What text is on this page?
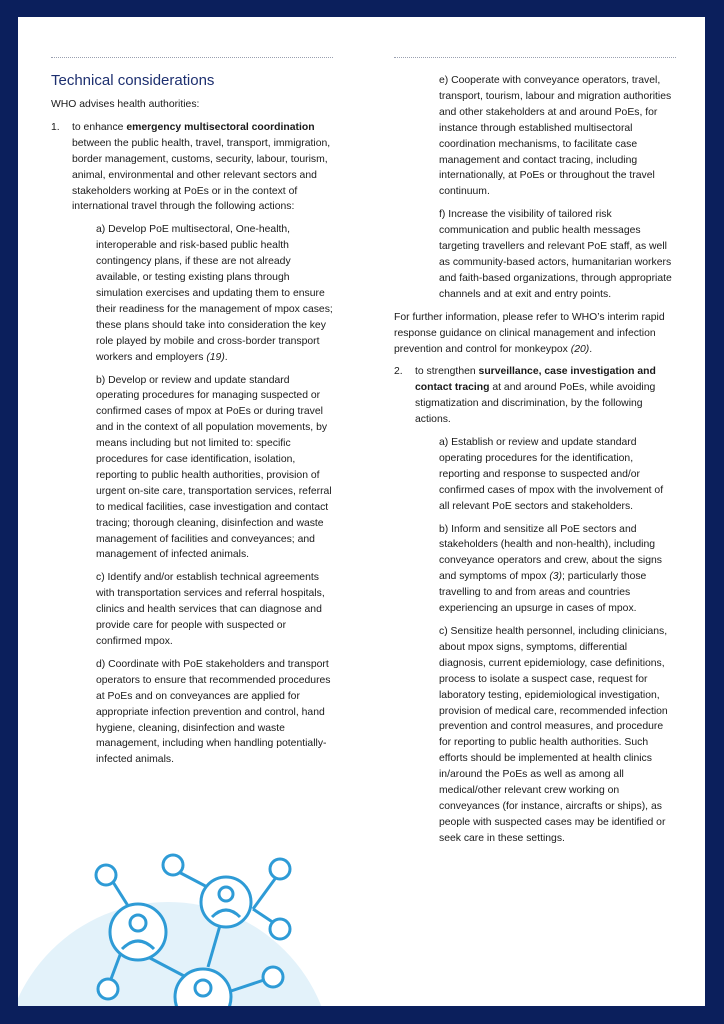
Technical considerations

WHO advises health authorities:

1. to enhance emergency multisectoral coordination between the public health, travel, transport, immigration, border management, customs, security, labour, tourism, animal, environmental and other relevant sectors and stakeholders working at PoEs or in the context of international travel through the following actions:
a) Develop PoE multisectoral, One-health, interoperable and risk-based public health contingency plans, if these are not already available, or testing existing plans through simulation exercises and updating them to ensure their readiness for the management of mpox cases; these plans should take into consideration the key role played by mobile and cross-border transport workers and employers (19).
b) Develop or review and update standard operating procedures for managing suspected or confirmed cases of mpox at PoEs or during travel and in the context of all population movements, by means including but not limited to: specific procedures for case identification, isolation, reporting to public health authorities, provision of urgent on-site care, transportation services, referral to medical facilities, case investigation and contact tracing; thorough cleaning, disinfection and waste management of facilities and conveyances; and management of infected animals.
c) Identify and/or establish technical agreements with transportation services and referral hospitals, clinics and health services that can diagnose and provide care for people with suspected or confirmed mpox.
d) Coordinate with PoE stakeholders and transport operators to ensure that recommended procedures at PoEs and on conveyances are applied for appropriate infection prevention and control, hand hygiene, cleaning, disinfection and waste management, including when handling potentially-infected animals.
e) Cooperate with conveyance operators, travel, transport, tourism, labour and migration authorities and other stakeholders at and around PoEs, for instance through established multisectoral coordination mechanisms, to facilitate case management and contact tracing, including internationally, at PoEs or throughout the travel continuum.
f) Increase the visibility of tailored risk communication and public health messages targeting travellers and relevant PoE staff, as well as community-based actors, humanitarian workers and faith-based organizations, through appropriate channels and at exit and entry points.

For further information, please refer to WHO’s interim rapid response guidance on clinical management and infection prevention and control for monkeypox (20).

2. to strengthen surveillance, case investigation and contact tracing at and around PoEs, while avoiding stigmatization and discrimination, by the following actions.
a) Establish or review and update standard operating procedures for the identification, reporting and response to suspected and/or confirmed cases of mpox with the involvement of all relevant PoE sectors and stakeholders.
b) Inform and sensitize all PoE sectors and stakeholders (health and non-health), including conveyance operators and crew, about the signs and symptoms of mpox (3); particularly those travelling to and from areas and countries experiencing an upsurge in cases of mpox.
c) Sensitize health personnel, including clinicians, about mpox signs, symptoms, differential diagnosis, current epidemiology, case definitions, process to isolate a suspect case, request for laboratory testing, epidemiological investigation, provision of medical care, recommended infection prevention and control measures, and procedure for reporting to public health authorities. Such efforts should be implemented at health clinics in/around the PoEs as well as among all medical/other relevant crew working on conveyances (for instance, aircrafts or ships), as people with suspected cases may be identified or seek care in these settings.
